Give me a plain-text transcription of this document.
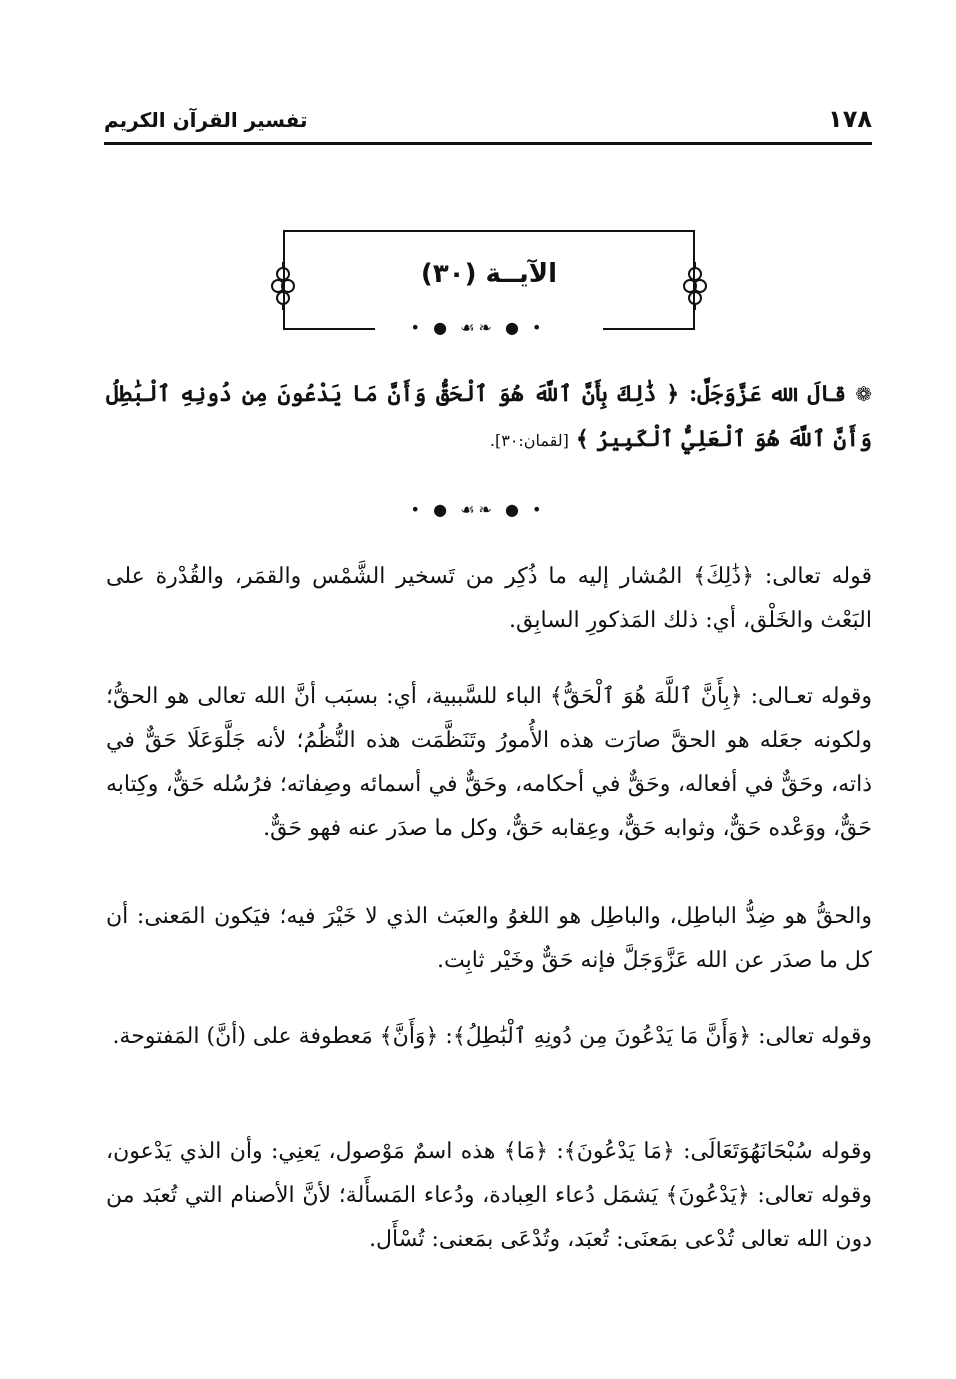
١٧٨
تفسير القرآن الكريم
الآيــة (٣٠)
• ● ☙❧ ● •
❁ قالَ الله عَزَّوَجَلَّ: ﴿ ذَٰلِكَ بِأَنَّ ٱللَّهَ هُوَ ٱلْحَقُّ وَأَنَّ مَا يَدْعُونَ مِن دُونِهِ ٱلْبَٰطِلُ وَأَنَّ ٱللَّهَ هُوَ ٱلْعَلِيُّ ٱلْكَبِيرُ ﴾ [لقمان:٣٠].
• ● ☙❧ ● •

قوله تعالى: ﴿ذَٰلِكَ﴾ المُشار إليه ما ذُكِر من تَسخير الشَّمْس والقمَر، والقُدْرة على البَعْث والخَلْق، أي: ذلك المَذكورِ السابِق.

وقوله تعـالى: ﴿بِأَنَّ ٱللَّهَ هُوَ ٱلْحَقُّ﴾ الباء للسَّببية، أي: بسبَب أنَّ الله تعالى هو الحقُّ؛ ولكونه جعَله هو الحقَّ صارَت هذه الأُمورُ وتَنَظَّمَت هذه النُّظُمُ؛ لأنه جَلَّوَعَلَا حَقٌّ في ذاته، وحَقٌّ في أفعاله، وحَقٌّ في أحكامه، وحَقٌّ في أسمائه وصِفاته؛ فرُسُله حَقٌّ، وكِتابه حَقٌّ، ووَعْده حَقٌّ، وثوابه حَقٌّ، وعِقابه حَقٌّ، وكل ما صدَر عنه فهو حَقٌّ.

والحقُّ هو ضِدُّ الباطِل، والباطِل هو اللغوُ والعبَث الذي لا خَيْرَ فيه؛ فيَكون المَعنى: أن كل ما صدَر عن الله عَزَّوَجَلَّ فإنه حَقٌّ وخَيْر ثابِت.

وقوله تعالى: ﴿وَأَنَّ مَا يَدْعُونَ مِن دُونِهِ ٱلْبَٰطِلُ﴾: ﴿وَأَنَّ﴾ مَعطوفة على (أنَّ) المَفتوحة.

وقوله سُبْحَانَهُوَتَعَالَى: ﴿مَا يَدْعُونَ﴾: ﴿مَا﴾ هذه اسمٌ مَوْصول، يَعنِي: وأن الذي يَدْعون، وقوله تعالى: ﴿يَدْعُونَ﴾ يَشمَل دُعاء العِبادة، ودُعاء المَسأَلة؛ لأنَّ الأصنام التي تُعبَد من دون الله تعالى تُدْعى بمَعنَى: تُعبَد، وتُدْعَى بمَعنى: تُسْأَل.
